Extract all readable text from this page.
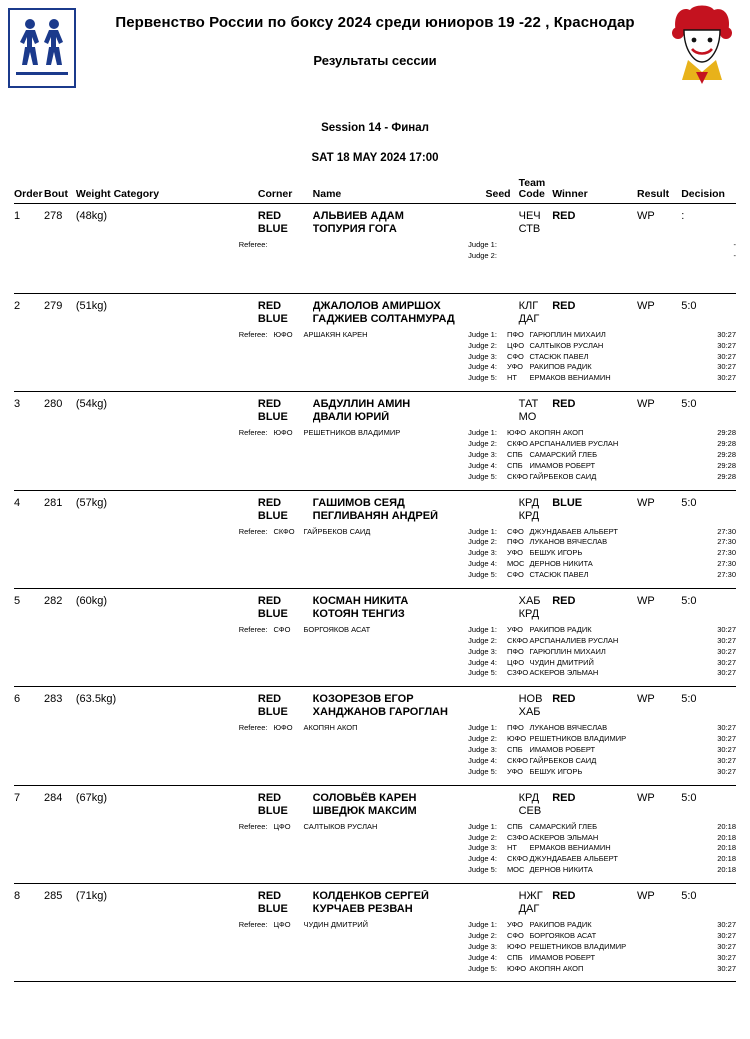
Первенство России по боксу 2024 среди юниоров 19 -22 , Краснодар
Результаты сессии
Session 14 - Финал
SAT 18 MAY 2024 17:00
Order Bout Weight Category	Corner	Name	Seed
Team
Code Winner	Result	Decision
1	278	(48kg)	RED	АЛЬВИЕВ АДАМ	ЧЕЧ	RED	WP	:
BLUE	ТОПУРИЯ ГОГА	СТВ
Referee:	Judge 1:	-
Judge 2:	-
2	279	(51kg)	RED	ДЖАЛОЛОВ АМИРШОХ	КЛГ	RED	WP	5:0
BLUE	ГАДЖИЕВ СОЛТАНМУРАД	ДАГ
Referee: ЮФО	АРШАКЯН КАРЕН	Judge 1:	ПФО ГАРЮПЛИН МИХАИЛ	30:27
Judge 2:	ЦФО САЛТЫКОВ РУСЛАН	30:27
Judge 3:	СФО СТАСЮК ПАВЕЛ	30:27
Judge 4:	УФО РАКИПОВ РАДИК	30:27
Judge 5:	НТ	ЕРМАКОВ ВЕНИАМИН	30:27
3	280	(54kg)	RED	АБДУЛЛИН АМИН	ТАТ	RED	WP	5:0
BLUE	ДВАЛИ ЮРИЙ	МО
Referee: ЮФО	РЕШЕТНИКОВ ВЛАДИМИР	Judge 1:	ЮФО АКОПЯН АКОП	29:28
Judge 2:	СКФО АРСПАНАЛИЕВ РУСЛАН	29:28
Judge 3:	СПБ САМАРСКИЙ ГЛЕБ	29:28
Judge 4:	СПБ ИМАМОВ РОБЕРТ	29:28
Judge 5:	СКФО ГАЙРБЕКОВ САИД	29:28
4	281	(57kg)	RED	ГАШИМОВ СЕЯД	КРД	BLUE	WP	5:0
BLUE	ПЕГЛИВАНЯН АНДРЕЙ	КРД
Referee: СКФО	ГАЙРБЕКОВ САИД	Judge 1:	СФО ДЖУНДАБАЕВ АЛЬБЕРТ	27:30
Judge 2:	ПФО ЛУКАНОВ ВЯЧЕСЛАВ	27:30
Judge 3:	УФО БЕШУК ИГОРЬ	27:30
Judge 4:	МОС ДЕРНОВ НИКИТА	27:30
Judge 5:	СФО СТАСЮК ПАВЕЛ	27:30
5	282	(60kg)	RED	КОСМАН НИКИТА	ХАБ	RED	WP	5:0
BLUE	КОТОЯН ТЕНГИЗ	КРД
Referee: СФО	БОРГОЯКОВ АСАТ	Judge 1:	УФО РАКИПОВ РАДИК	30:27
Judge 2:	СКФО АРСПАНАЛИЕВ РУСЛАН	30:27
Judge 3:	ПФО ГАРЮПЛИН МИХАИЛ	30:27
Judge 4:	ЦФО ЧУДИН ДМИТРИЙ	30:27
Judge 5:	СЗФО АСКЕРОВ ЭЛЬМАН	30:27
6	283	(63.5kg)	RED	КОЗОРЕЗОВ ЕГОР	НОВ RED	WP	5:0
BLUE	ХАНДЖАНОВ ГАРОГЛАН	ХАБ
Referee: ЮФО	АКОПЯН АКОП	Judge 1:	ПФО ЛУКАНОВ ВЯЧЕСЛАВ	30:27
Judge 2:	ЮФО РЕШЕТНИКОВ ВЛАДИМИР	30:27
Judge 3:	СПБ ИМАМОВ РОБЕРТ	30:27
Judge 4:	СКФО ГАЙРБЕКОВ САИД	30:27
Judge 5:	УФО БЕШУК ИГОРЬ	30:27
7	284	(67kg)	RED	СОЛОВЬЁВ КАРЕН	КРД	RED	WP	5:0
BLUE	ШВЕДЮК МАКСИМ	СЕВ
Referee: ЦФО	САЛТЫКОВ РУСЛАН	Judge 1:	СПБ САМАРСКИЙ ГЛЕБ	20:18
Judge 2:	СЗФО АСКЕРОВ ЭЛЬМАН	20:18
Judge 3:	НТ	ЕРМАКОВ ВЕНИАМИН	20:18
Judge 4:	СКФО ДЖУНДАБАЕВ АЛЬБЕРТ	20:18
Judge 5:	МОС ДЕРНОВ НИКИТА	20:18
8	285	(71kg)	RED	КОЛДЕНКОВ СЕРГЕЙ	НЖГ RED	WP	5:0
BLUE	КУРЧАЕВ РЕЗВАН	ДАГ
Referee: ЦФО	ЧУДИН ДМИТРИЙ	Judge 1:	УФО РАКИПОВ РАДИК	30:27
Judge 2:	СФО БОРГОЯКОВ АСАТ	30:27
Judge 3:	ЮФО РЕШЕТНИКОВ ВЛАДИМИР	30:27
Judge 4:	СПБ ИМАМОВ РОБЕРТ	30:27
Judge 5:	ЮФО АКОПЯН АКОП	30:27
